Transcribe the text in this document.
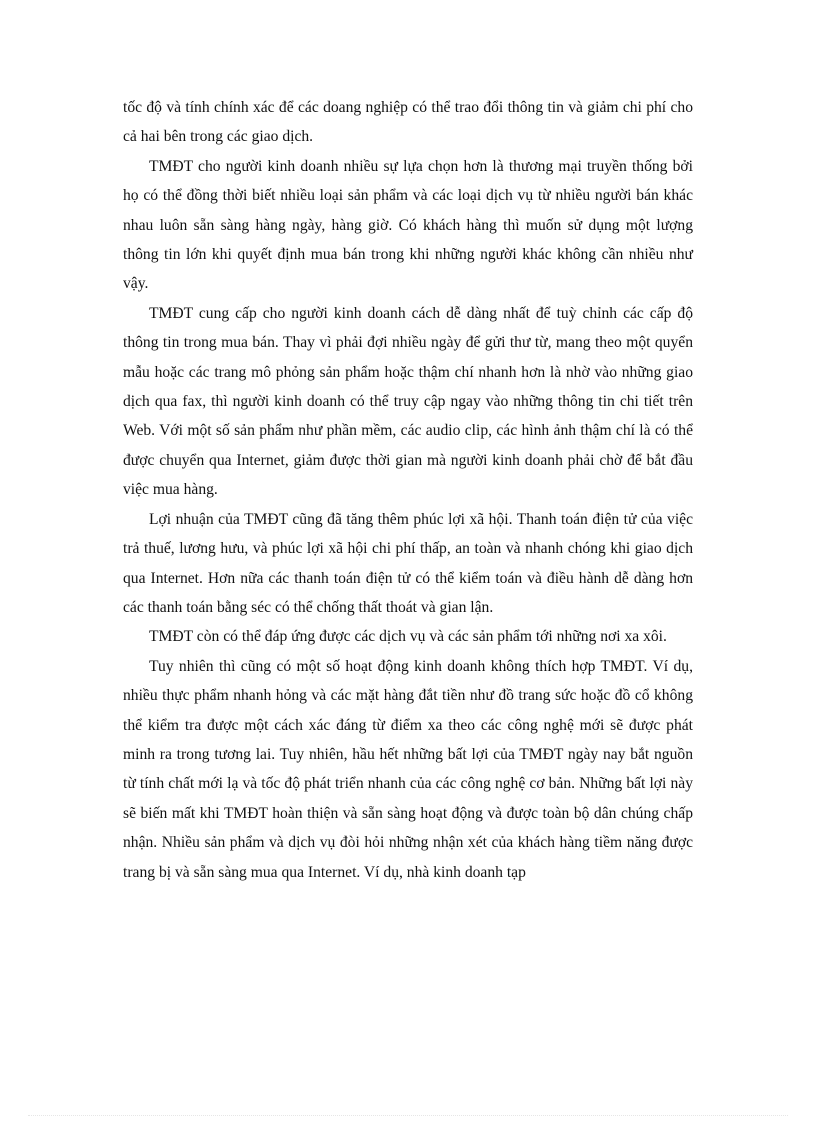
tốc độ và tính chính xác để các doang nghiệp có thể trao đổi thông tin và giảm chi phí cho cả hai bên trong các giao dịch.

TMĐT cho người kinh doanh nhiều sự lựa chọn hơn là thương mại truyền thống bởi họ có thể đồng thời biết nhiều loại sản phẩm và các loại dịch vụ từ nhiều người bán khác nhau luôn sẵn sàng hàng ngày, hàng giờ. Có khách hàng thì muốn sử dụng một lượng thông tin lớn khi quyết định mua bán trong khi những người khác không cần nhiều như vậy.

TMĐT cung cấp cho người kinh doanh cách dễ dàng nhất để tuỳ chỉnh các cấp độ thông tin trong mua bán. Thay vì phải đợi nhiều ngày để gửi thư từ, mang theo một quyển mẫu hoặc các trang mô phỏng sản phẩm hoặc thậm chí nhanh hơn là nhờ vào những giao dịch qua fax, thì người kinh doanh có thể truy cập ngay vào những thông tin chi tiết trên Web. Với một số sản phẩm như phần mềm, các audio clip, các hình ảnh thậm chí là có thể được chuyển qua Internet, giảm được thời gian mà người kinh doanh phải chờ để bắt đầu việc mua hàng.

Lợi nhuận của TMĐT cũng đã tăng thêm phúc lợi xã hội. Thanh toán điện tử của việc trả thuế, lương hưu, và phúc lợi xã hội chi phí thấp, an toàn và nhanh chóng khi giao dịch qua Internet. Hơn nữa các thanh toán điện tử có thể kiểm toán và điều hành dễ dàng hơn các thanh toán bằng séc có thể chống thất thoát và gian lận.

TMĐT còn có thể đáp ứng được các dịch vụ và các sản phẩm tới những nơi xa xôi.

Tuy nhiên thì cũng có một số hoạt động kinh doanh không thích hợp TMĐT. Ví dụ, nhiều thực phẩm nhanh hỏng và các mặt hàng đắt tiền như đồ trang sức hoặc đồ cổ không thể kiểm tra được một cách xác đáng từ điểm xa theo các công nghệ mới sẽ được phát minh ra trong tương lai. Tuy nhiên, hầu hết những bất lợi của TMĐT ngày nay bắt nguồn từ tính chất mới lạ và tốc độ phát triển nhanh của các công nghệ cơ bản. Những bất lợi này sẽ biến mất khi TMĐT hoàn thiện và sẵn sàng hoạt động và được toàn bộ dân chúng chấp nhận. Nhiều sản phẩm và dịch vụ đòi hỏi những nhận xét của khách hàng tiềm năng được trang bị và sẵn sàng mua qua Internet. Ví dụ, nhà kinh doanh tạp
